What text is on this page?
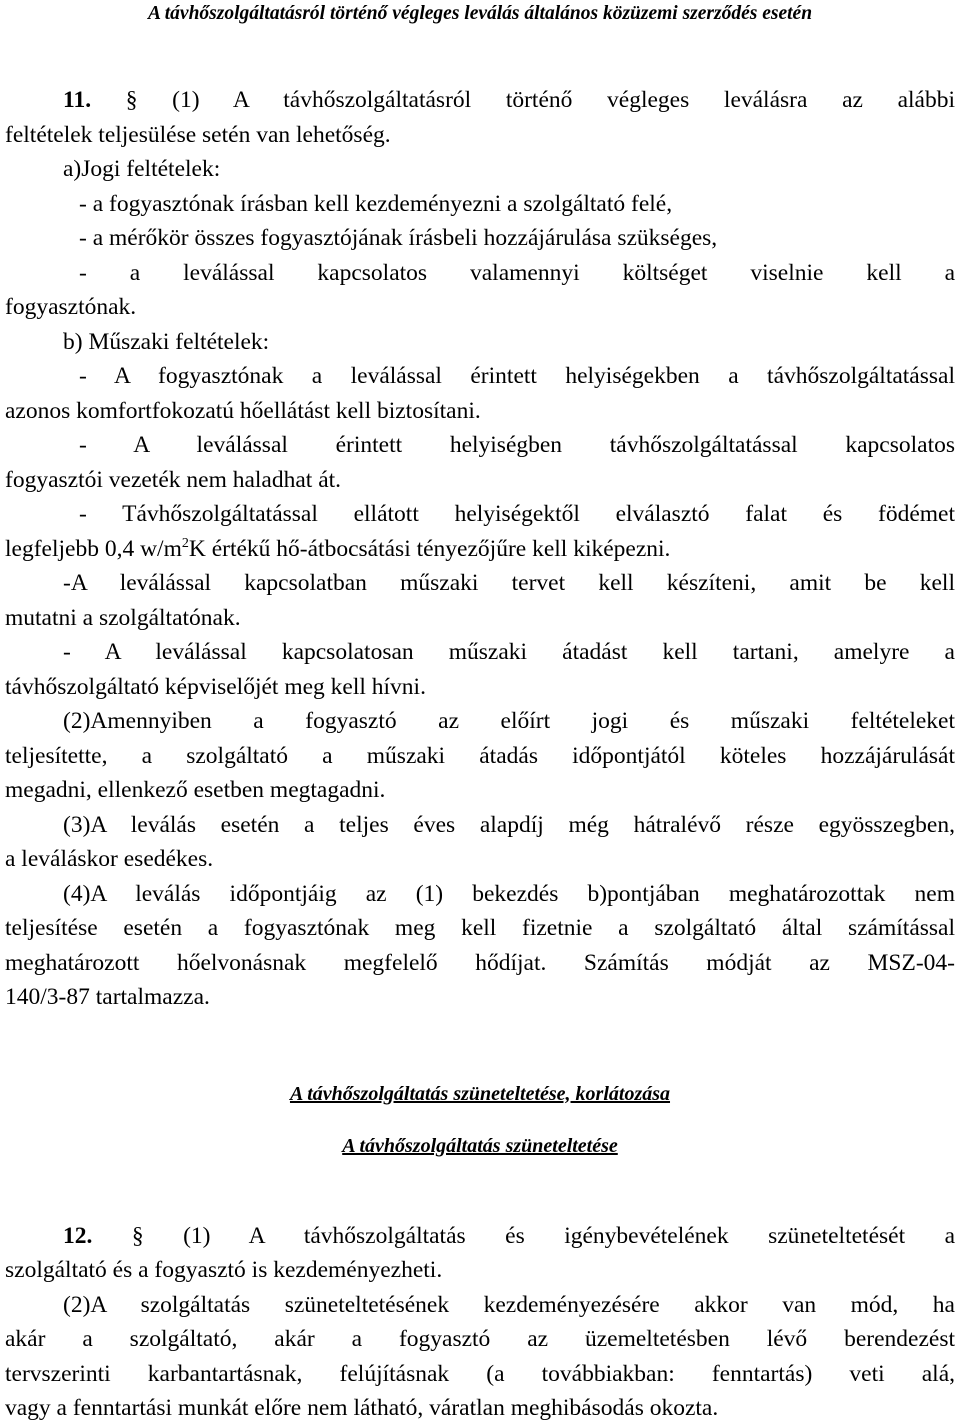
A távhőszolgáltatásról történő végleges leválás általános közüzemi szerződés esetén
11. § (1) A távhőszolgáltatásról történő végleges leválásra az alábbi
feltételek teljesülése setén van lehetőség.
a)Jogi feltételek:
- a fogyasztónak írásban kell kezdeményezni a szolgáltató felé,
- a mérőkör összes fogyasztójának írásbeli hozzájárulása szükséges,
- a leválással kapcsolatos valamennyi költséget viselnie kell a
fogyasztónak.
b) Műszaki feltételek:
- A fogyasztónak a leválással érintett helyiségekben a távhőszolgáltatással
azonos komfortfokozatú hőellátást kell biztosítani.
- A leválással érintett helyiségben távhőszolgáltatással kapcsolatos
fogyasztói vezeték nem haladhat át.
- Távhőszolgáltatással ellátott helyiségektől elválasztó falat és födémet
legfeljebb 0,4 $w/m^2K$ értékű hő-átbocsátási tényezőjűre kell kiképezni.
-A leválással kapcsolatban műszaki tervet kell készíteni, amit be kell
mutatni a szolgáltatónak.
- A leválással kapcsolatosan műszaki átadást kell tartani, amelyre a
távhőszolgáltató képviselőjét meg kell hívni.
(2)Amennyiben a fogyasztó az előírt jogi és műszaki feltételeket
teljesítette, a szolgáltató a műszaki átadás időpontjától köteles hozzájárulását
megadni, ellenkező esetben megtagadni.
(3)A leválás esetén a teljes éves alapdíj még hátralévő része egyösszegben,
a leváláskor esedékes.
(4)A leválás időpontjáig az (1) bekezdés b)pontjában meghatározottak nem
teljesítése esetén a fogyasztónak meg kell fizetnie a szolgáltató által számítással
meghatározott hőelvonásnak megfelelő hődíjat. Számítás módját az MSZ-04-
140/3-87 tartalmazza.
A távhőszolgáltatás szüneteltetése, korlátozása
A távhőszolgáltatás szüneteltetése
12. § (1) A távhőszolgáltatás és igénybevételének szüneteltetését a
szolgáltató és a fogyasztó is kezdeményezheti.
(2)A szolgáltatás szüneteltetésének kezdeményezésére akkor van mód, ha
akár a szolgáltató, akár a fogyasztó az üzemeltetésben lévő berendezést
tervszerinti karbantartásnak, felújításnak (a továbbiakban: fenntartás) veti alá,
vagy a fenntartási munkát előre nem látható, váratlan meghibásodás okozta.
